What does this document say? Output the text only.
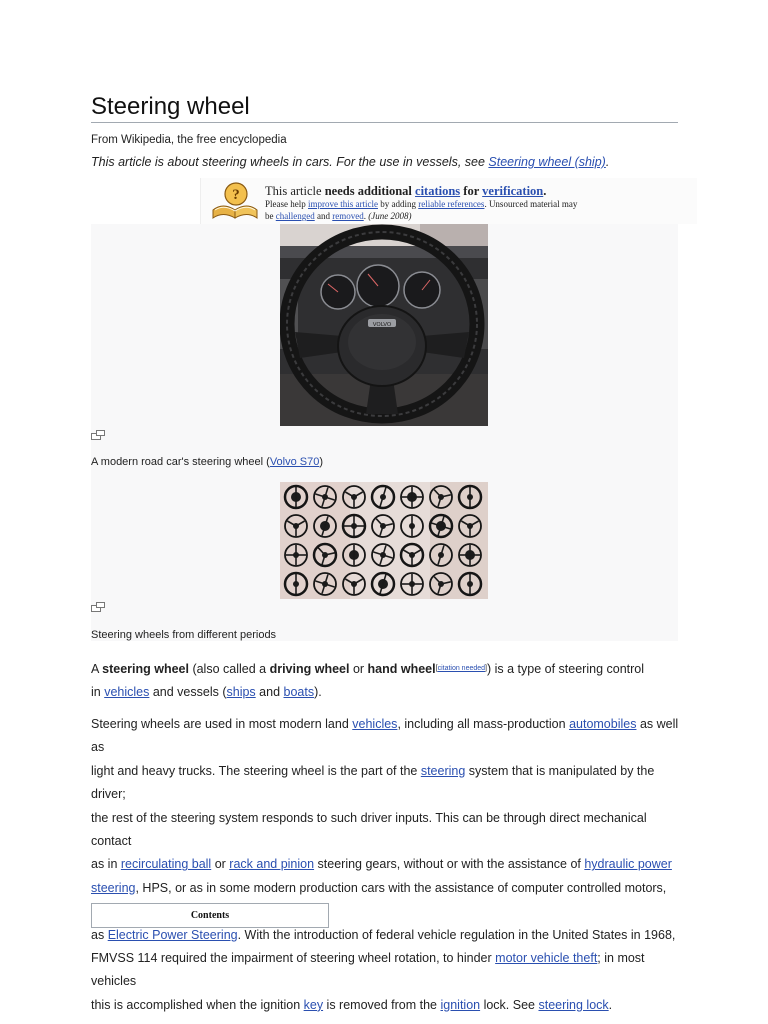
Steering wheel
From Wikipedia, the free encyclopedia
This article is about steering wheels in cars. For the use in vessels, see Steering wheel (ship).
? This article needs additional citations for verification.
Please help improve this article by adding reliable references. Unsourced material may
be challenged and removed. (June 2008)
VOLVO
A modern road car's steering wheel (Volvo S70)
Steering wheels from different periods
A steering wheel (also called a driving wheel or hand wheel[citation needed]) is a type of steering control
in vehicles and vessels (ships and boats).
Steering wheels are used in most modern land vehicles, including all mass-production automobiles as well as
light and heavy trucks. The steering wheel is the part of the steering system that is manipulated by the driver;
the rest of the steering system responds to such driver inputs. This can be through direct mechanical contact
as in recirculating ball or rack and pinion steering gears, without or with the assistance of hydraulic power
steering, HPS, or as in some modern production cars with the assistance of computer controlled motors,
as Electric Power Steering. With the introduction of federal vehicle regulation in the United States in 1968,
FMVSS 114 required the impairment of steering wheel rotation, to hinder motor vehicle theft; in most vehicles
this is accomplished when the ignition key is removed from the ignition lock. See steering lock.
Contents
